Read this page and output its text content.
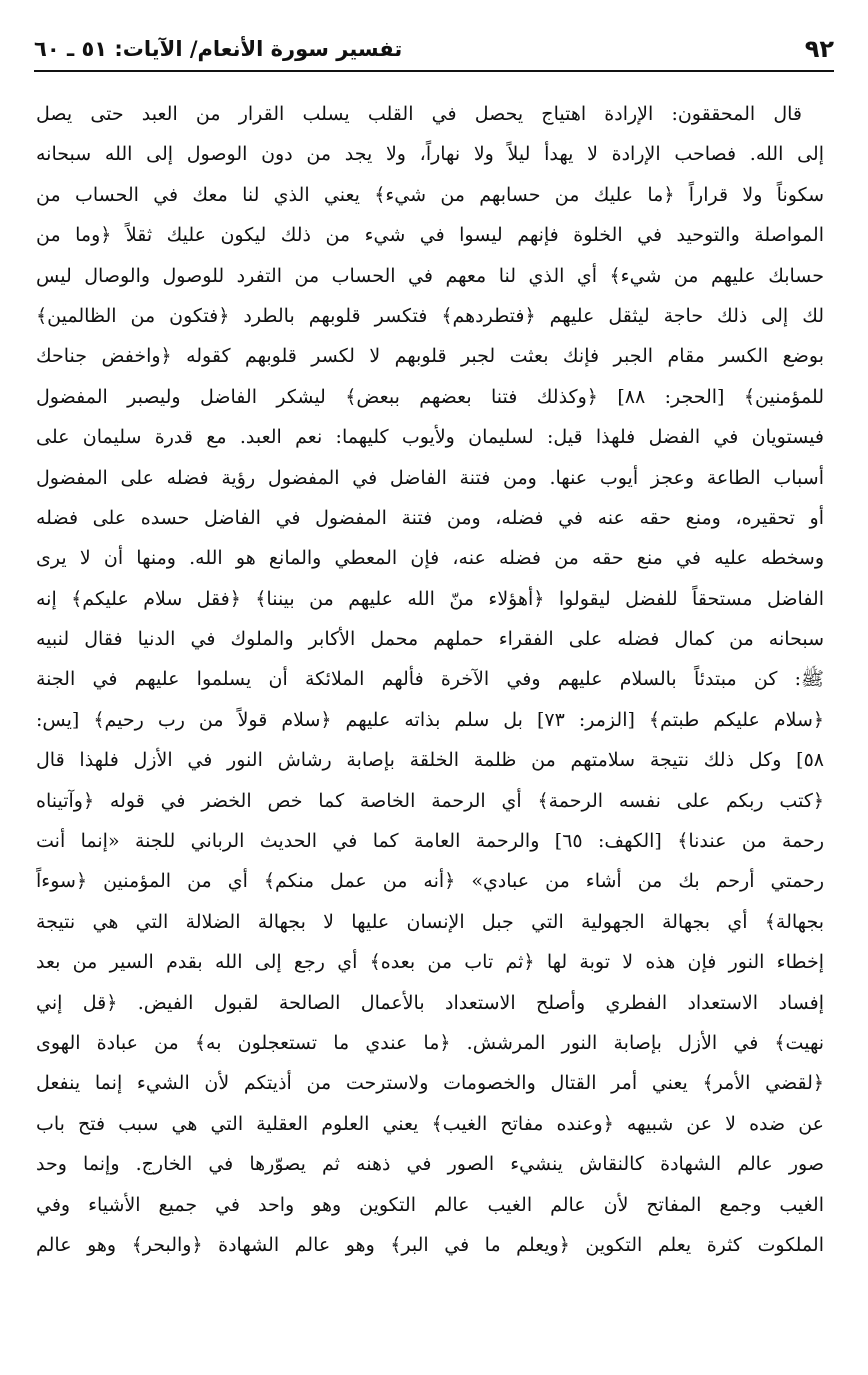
٩٢
تفسير سورة الأنعام/ الآيات: ٥١ ـ ٦٠
قال المحققون: الإرادة اهتياج يحصل في القلب يسلب القرار من العبد حتى يصل
إلى الله. فصاحب الإرادة لا يهدأ ليلاً ولا نهاراً، ولا يجد من دون الوصول إلى الله سبحانه
سكوناً ولا قراراً ﴿ما عليك من حسابهم من شيء﴾ يعني الذي لنا معك في الحساب من
المواصلة والتوحيد في الخلوة فإنهم ليسوا في شيء من ذلك ليكون عليك ثقلاً ﴿وما من
حسابك عليهم من شيء﴾ أي الذي لنا معهم في الحساب من التفرد للوصول والوصال ليس
لك إلى ذلك حاجة ليثقل عليهم ﴿فتطردهم﴾ فتكسر قلوبهم بالطرد ﴿فتكون من الظالمين﴾
بوضع الكسر مقام الجبر فإنك بعثت لجبر قلوبهم لا لكسر قلوبهم كقوله ﴿واخفض جناحك
للمؤمنين﴾ [الحجر: ٨٨] ﴿وكذلك فتنا بعضهم ببعض﴾ ليشكر الفاضل وليصبر المفضول
فيستويان في الفضل فلهذا قيل: لسليمان ولأيوب كليهما: نعم العبد. مع قدرة سليمان على
أسباب الطاعة وعجز أيوب عنها. ومن فتنة الفاضل في المفضول رؤية فضله على المفضول
أو تحقيره، ومنع حقه عنه في فضله، ومن فتنة المفضول في الفاضل حسده على فضله
وسخطه عليه في منع حقه من فضله عنه، فإن المعطي والمانع هو الله. ومنها أن لا يرى
الفاضل مستحقاً للفضل ليقولوا ﴿أهؤلاء منّ الله عليهم من بيننا﴾ ﴿فقل سلام عليكم﴾ إنه
سبحانه من كمال فضله على الفقراء حملهم محمل الأكابر والملوك في الدنيا فقال لنبيه
ﷺ: كن مبتدئاً بالسلام عليهم وفي الآخرة فألهم الملائكة أن يسلموا عليهم في الجنة
﴿سلام عليكم طبتم﴾ [الزمر: ٧٣] بل سلم بذاته عليهم ﴿سلام قولاً من رب رحيم﴾ [يس:
٥٨] وكل ذلك نتيجة سلامتهم من ظلمة الخلقة بإصابة رشاش النور في الأزل فلهذا قال
﴿كتب ربكم على نفسه الرحمة﴾ أي الرحمة الخاصة كما خص الخضر في قوله ﴿وآتيناه
رحمة من عندنا﴾ [الكهف: ٦٥] والرحمة العامة كما في الحديث الرباني للجنة «إنما أنت
رحمتي أرحم بك من أشاء من عبادي» ﴿أنه من عمل منكم﴾ أي من المؤمنين ﴿سوءاً
بجهالة﴾ أي بجهالة الجهولية التي جبل الإنسان عليها لا بجهالة الضلالة التي هي نتيجة
إخطاء النور فإن هذه لا توبة لها ﴿ثم تاب من بعده﴾ أي رجع إلى الله بقدم السير من بعد
إفساد الاستعداد الفطري وأصلح الاستعداد بالأعمال الصالحة لقبول الفيض. ﴿قل إني
نهيت﴾ في الأزل بإصابة النور المرشش. ﴿ما عندي ما تستعجلون به﴾ من عبادة الهوى
﴿لقضي الأمر﴾ يعني أمر القتال والخصومات ولاسترحت من أذيتكم لأن الشيء إنما ينفعل
عن ضده لا عن شبيهه ﴿وعنده مفاتح الغيب﴾ يعني العلوم العقلية التي هي سبب فتح باب
صور عالم الشهادة كالنقاش ينشيء الصور في ذهنه ثم يصوّرها في الخارج. وإنما وحد
الغيب وجمع المفاتح لأن عالم الغيب عالم التكوين وهو واحد في جميع الأشياء وفي
الملكوت كثرة يعلم التكوين ﴿ويعلم ما في البر﴾ وهو عالم الشهادة ﴿والبحر﴾ وهو عالم
